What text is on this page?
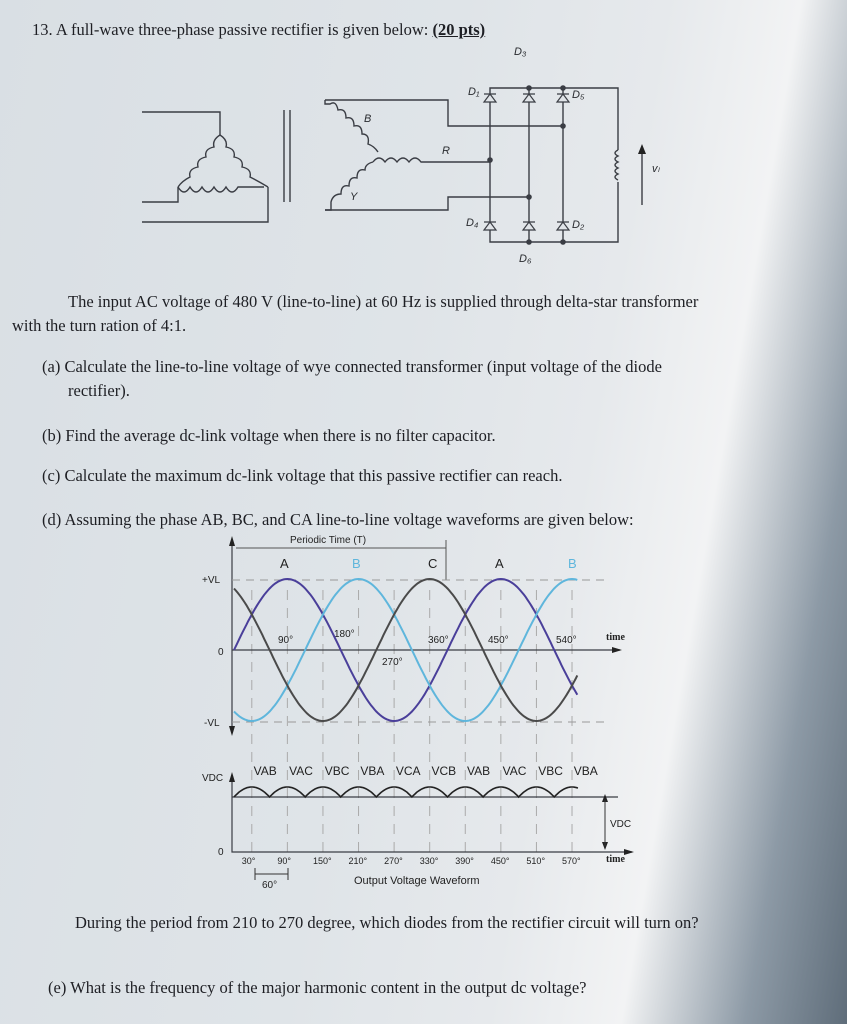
13. A full-wave three-phase passive rectifier is given below: (20 pts)
D₁
D₃
D₅
D₄	D₂
D₆
B
R
Y
vₗ
Periodic Time (T)
A	B	C	A	B
+VL
0
-VL
90°
180°
270°
360°	450°	540°	time
VDC
0
VDC
time
60°	Output Voltage Waveform
VAB VAC VBC VBA VCA VCB VAB VAC VBC VBA
30° 90° 150° 210° 270° 330° 390° 450° 510° 570°
The input AC voltage of 480 V (line-to-line) at 60 Hz is supplied through delta-star transformer
with the turn ration of 4:1.
(a) Calculate the line-to-line voltage of wye connected transformer (input voltage of the diode
rectifier).
(b) Find the average dc-link voltage when there is no filter capacitor.
(c) Calculate the maximum dc-link voltage that this passive rectifier can reach.
(d) Assuming the phase AB, BC, and CA line-to-line voltage waveforms are given below:
During the period from 210 to 270 degree, which diodes from the rectifier circuit will turn on?
(e) What is the frequency of the major harmonic content in the output dc voltage?
